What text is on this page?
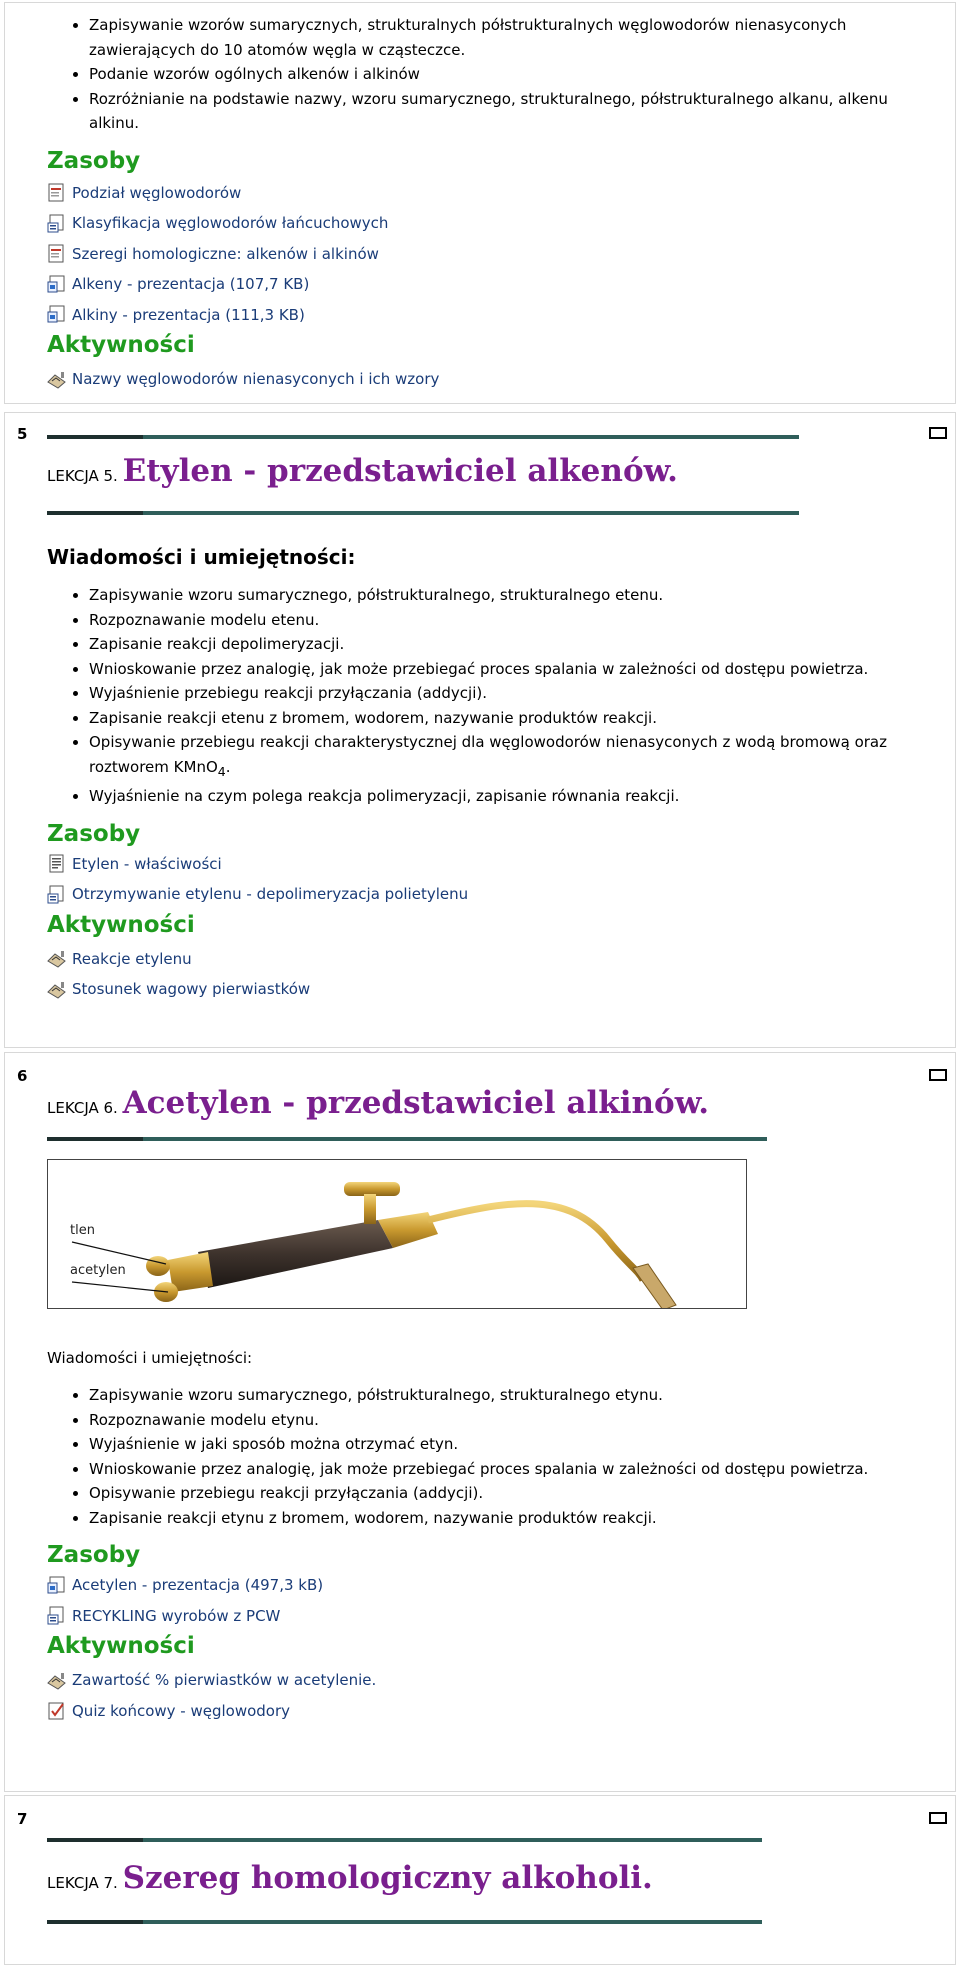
• Zapisywanie wzorów sumarycznych, strukturalnych półstrukturalnych węglowodorów nienasyconych zawierających do 10 atomów węgla w cząsteczce.
• Podanie wzorów ogólnych alkenów i alkinów
• Rozróżnianie na podstawie nazwy, wzoru sumarycznego, strukturalnego, półstrukturalnego alkanu, alkenu alkinu.
Zasoby
Podział węglowodorów
Klasyfikacja węglowodorów łańcuchowych
Szeregi homologiczne: alkenów i alkinów
Alkeny - prezentacja (107,7 KB)
Alkiny - prezentacja (111,3 KB)
Aktywności
Nazwy węglowodorów nienasyconych i ich wzory
5

LEKCJA 5. Etylen - przedstawiciel alkenów.

Wiadomości i umiejętności:
• Zapisywanie wzoru sumarycznego, półstrukturalnego, strukturalnego etenu.
• Rozpoznawanie modelu etenu.
• Zapisanie reakcji depolimeryzacji.
• Wnioskowanie przez analogię, jak może przebiegać proces spalania w zależności od dostępu powietrza.
• Wyjaśnienie przebiegu reakcji przyłączania (addycji).
• Zapisanie reakcji etenu z bromem, wodorem, nazywanie produktów reakcji.
• Opisywanie przebiegu reakcji charakterystycznej dla węglowodorów nienasyconych z wodą bromową oraz roztworem KMnO$_4$.
• Wyjaśnienie na czym polega reakcja polimeryzacji, zapisanie równania reakcji.
Zasoby
Etylen - właściwości
Otrzymywanie etylenu - depolimeryzacja polietylenu
Aktywności
Reakcje etylenu
Stosunek wagowy pierwiastków
6

LEKCJA 6. Acetylen - przedstawiciel alkinów.

tlen
acetylen

Wiadomości i umiejętności:

• Zapisywanie wzoru sumarycznego, półstrukturalnego, strukturalnego etynu.
• Rozpoznawanie modelu etynu.
• Wyjaśnienie w jaki sposób można otrzymać etyn.
• Wnioskowanie przez analogię, jak może przebiegać proces spalania w zależności od dostępu powietrza.
• Opisywanie przebiegu reakcji przyłączania (addycji).
• Zapisanie reakcji etynu z bromem, wodorem, nazywanie produktów reakcji.
Zasoby
Acetylen - prezentacja (497,3 kB)
RECYKLING wyrobów z PCW
Aktywności
Zawartość % pierwiastków w acetylenie.
Quiz końcowy - węglowodory
7

LEKCJA 7. Szereg homologiczny alkoholi.
